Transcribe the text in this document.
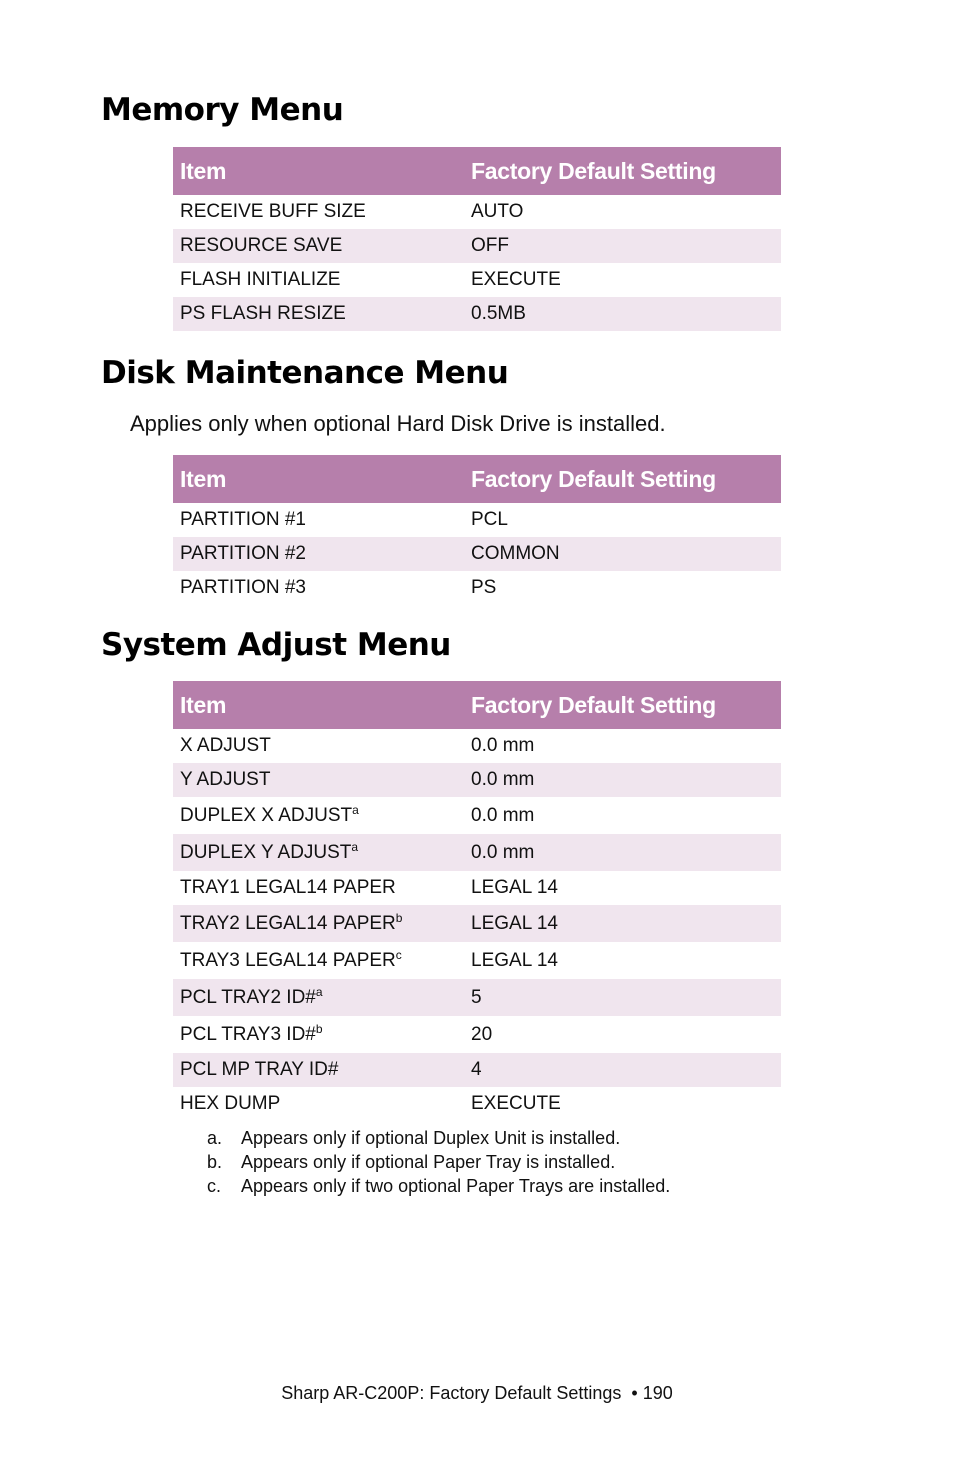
Memory Menu
Item	Factory Default Setting
RECEIVE BUFF SIZE	AUTO
RESOURCE SAVE	OFF
FLASH INITIALIZE	EXECUTE
PS FLASH RESIZE	0.5MB
Disk Maintenance Menu

Applies only when optional Hard Disk Drive is installed.

Item	Factory Default Setting
PARTITION #1	PCL
PARTITION #2	COMMON
PARTITION #3	PS
System Adjust Menu
Item	Factory Default Setting
X ADJUST	0.0 mm
Y ADJUST	0.0 mm
DUPLEX X ADJUST$^a$	0.0 mm
DUPLEX Y ADJUST$^a$	0.0 mm
TRAY1 LEGAL14 PAPER	LEGAL 14
TRAY2 LEGAL14 PAPER$^b$	LEGAL 14
TRAY3 LEGAL14 PAPER$^c$	LEGAL 14
PCL TRAY2 ID#$^a$	5
PCL TRAY3 ID#$^b$	20
PCL MP TRAY ID#	4
HEX DUMP	EXECUTE
a. Appears only if optional Duplex Unit is installed.
b. Appears only if optional Paper Tray is installed.
c. Appears only if two optional Paper Trays are installed.

Sharp AR-C200P: Factory Default Settings  • 190
